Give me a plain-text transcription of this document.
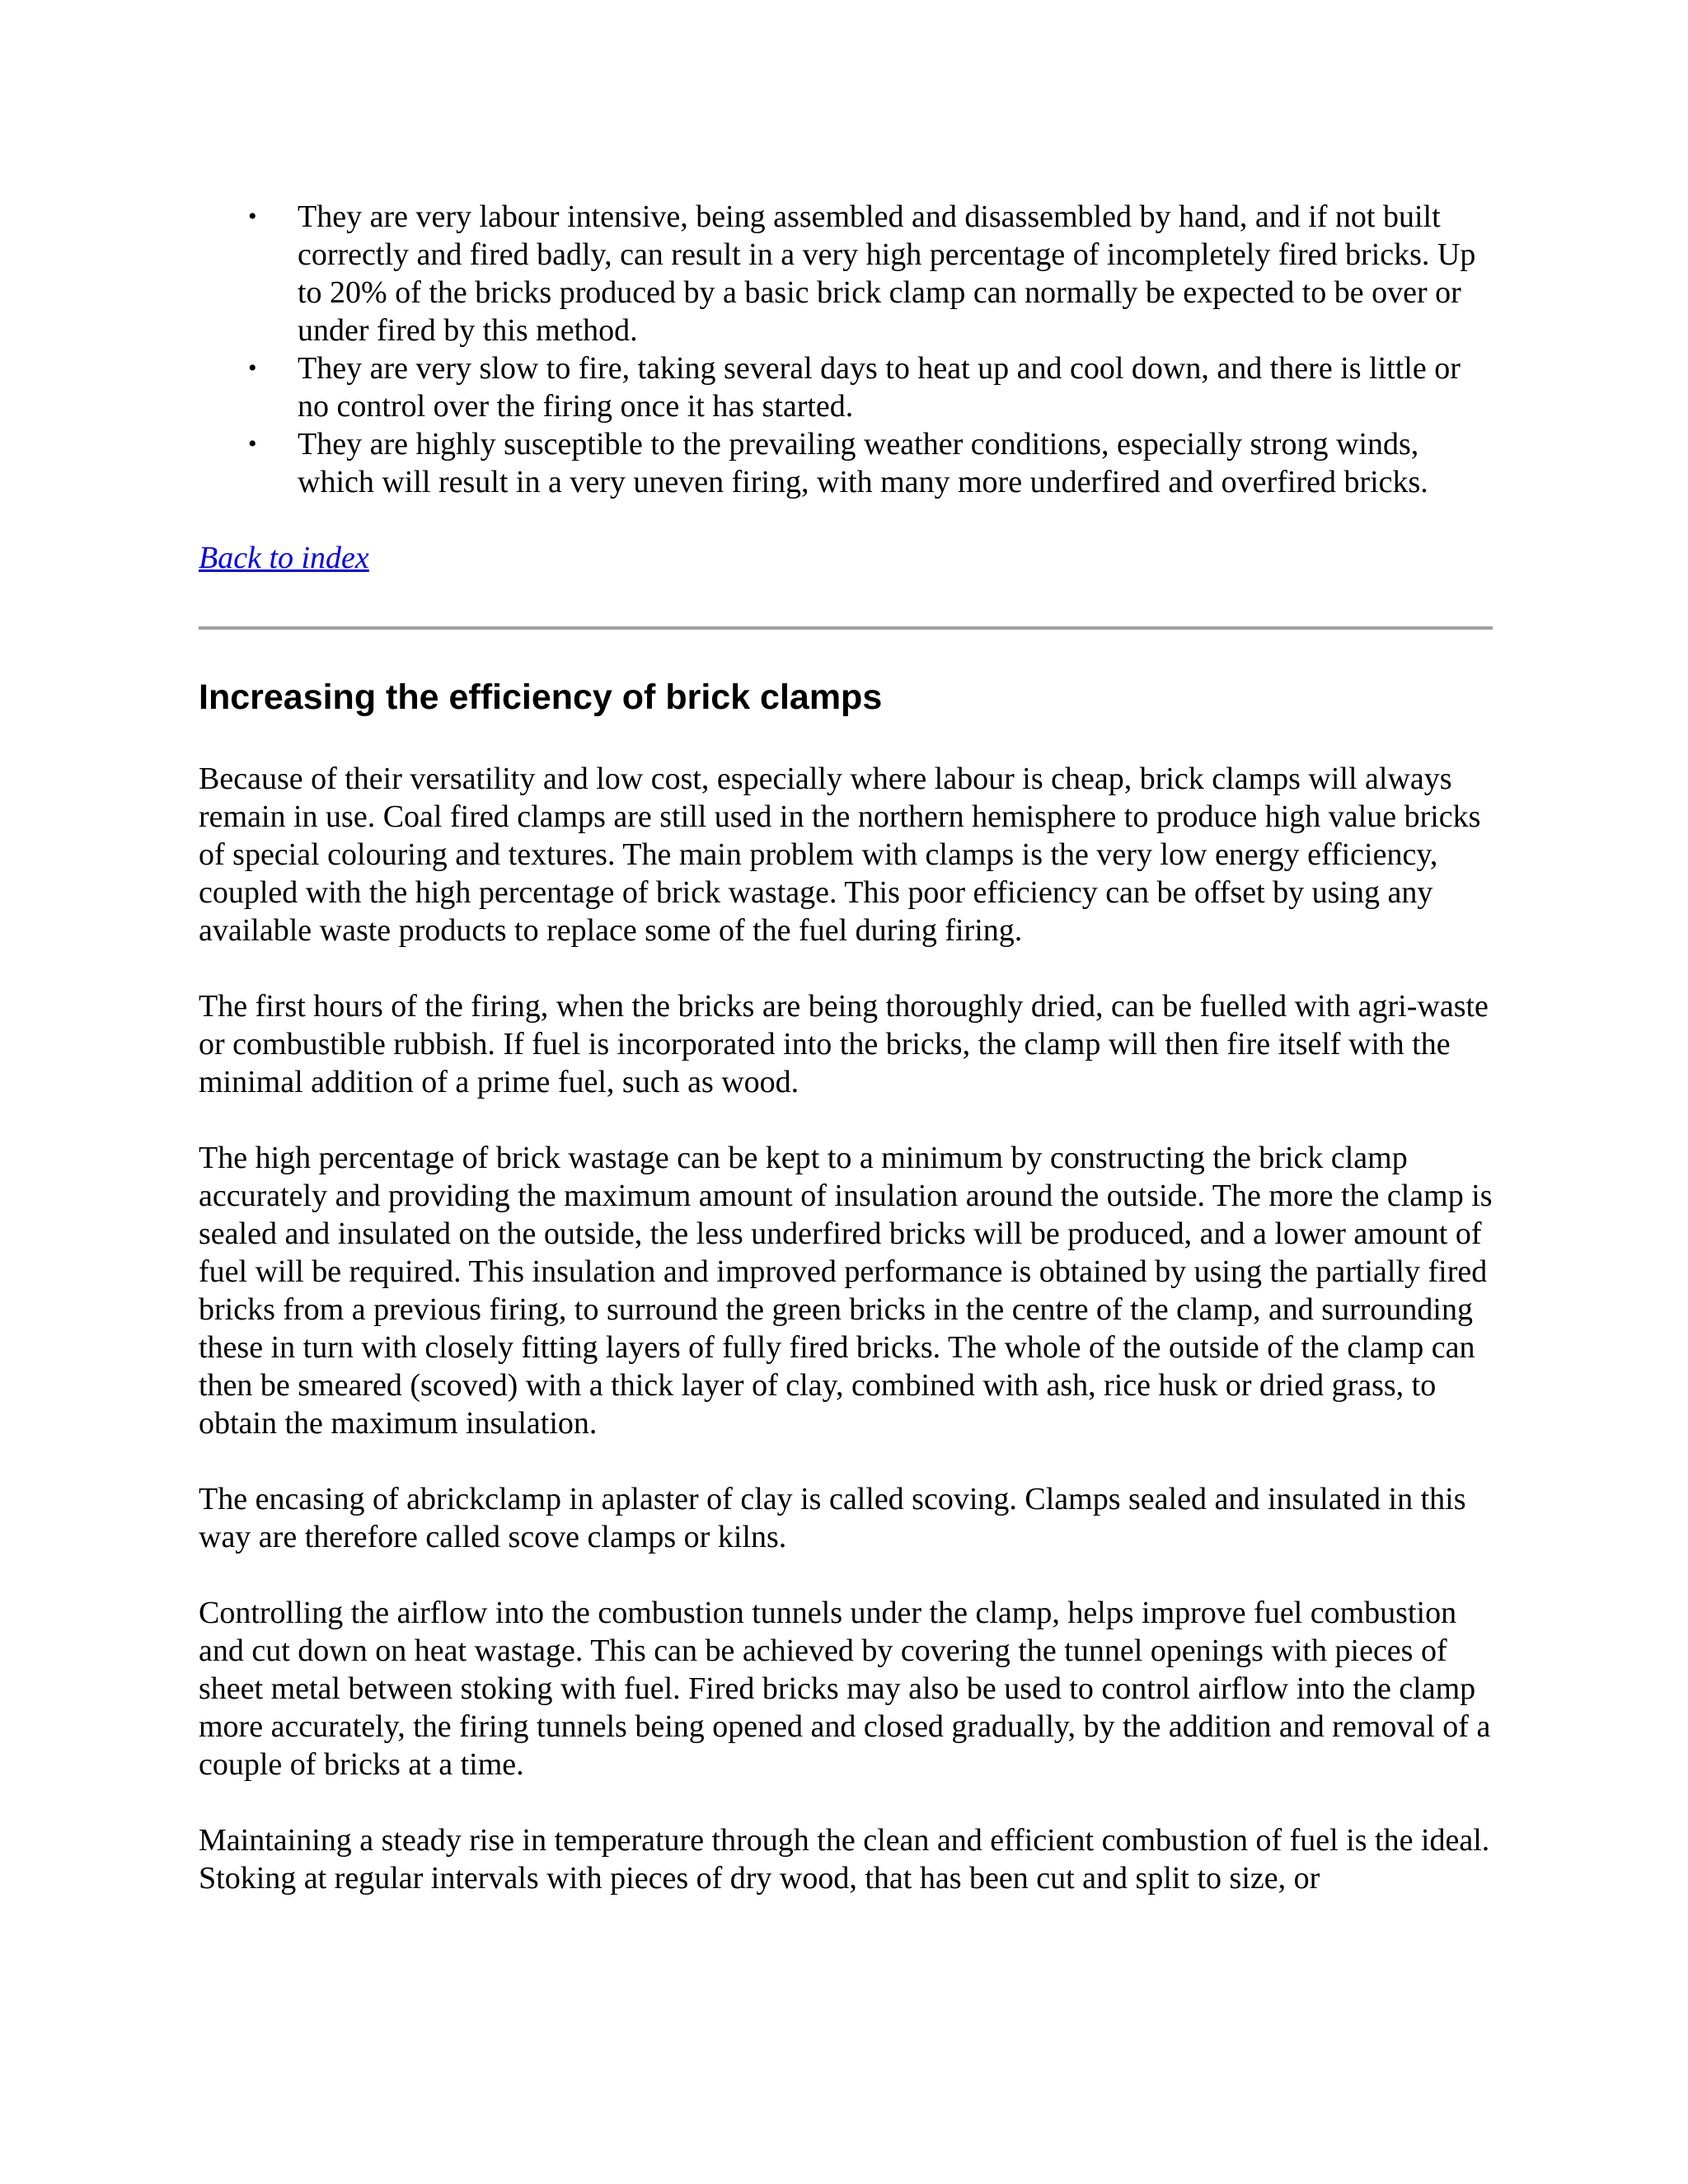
• They are very labour intensive, being assembled and disassembled by hand, and if not built correctly and fired badly, can result in a very high percentage of incompletely fired bricks. Up to 20% of the bricks produced by a basic brick clamp can normally be expected to be over or under fired by this method.
• They are very slow to fire, taking several days to heat up and cool down, and there is little or no control over the firing once it has started.
• They are highly susceptible to the prevailing weather conditions, especially strong winds, which will result in a very uneven firing, with many more underfired and overfired bricks.
Back to index
Increasing the efficiency of brick clamps

Because of their versatility and low cost, especially where labour is cheap, brick clamps will always remain in use. Coal fired clamps are still used in the northern hemisphere to produce high value bricks of special colouring and textures. The main problem with clamps is the very low energy efficiency, coupled with the high percentage of brick wastage. This poor efficiency can be offset by using any available waste products to replace some of the fuel during firing.

The first hours of the firing, when the bricks are being thoroughly dried, can be fuelled with agri-waste or combustible rubbish. If fuel is incorporated into the bricks, the clamp will then fire itself with the minimal addition of a prime fuel, such as wood.

The high percentage of brick wastage can be kept to a minimum by constructing the brick clamp accurately and providing the maximum amount of insulation around the outside. The more the clamp is sealed and insulated on the outside, the less underfired bricks will be produced, and a lower amount of fuel will be required. This insulation and improved performance is obtained by using the partially fired bricks from a previous firing, to surround the green bricks in the centre of the clamp, and surrounding these in turn with closely fitting layers of fully fired bricks. The whole of the outside of the clamp can then be smeared (scoved) with a thick layer of clay, combined with ash, rice husk or dried grass, to obtain the maximum insulation.

The encasing of abrickclamp in aplaster of clay is called scoving. Clamps sealed and insulated in this way are therefore called scove clamps or kilns.

Controlling the airflow into the combustion tunnels under the clamp, helps improve fuel combustion and cut down on heat wastage. This can be achieved by covering the tunnel openings with pieces of sheet metal between stoking with fuel. Fired bricks may also be used to control airflow into the clamp more accurately, the firing tunnels being opened and closed gradually, by the addition and removal of a couple of bricks at a time.

Maintaining a steady rise in temperature through the clean and efficient combustion of fuel is the ideal. Stoking at regular intervals with pieces of dry wood, that has been cut and split to size, or
